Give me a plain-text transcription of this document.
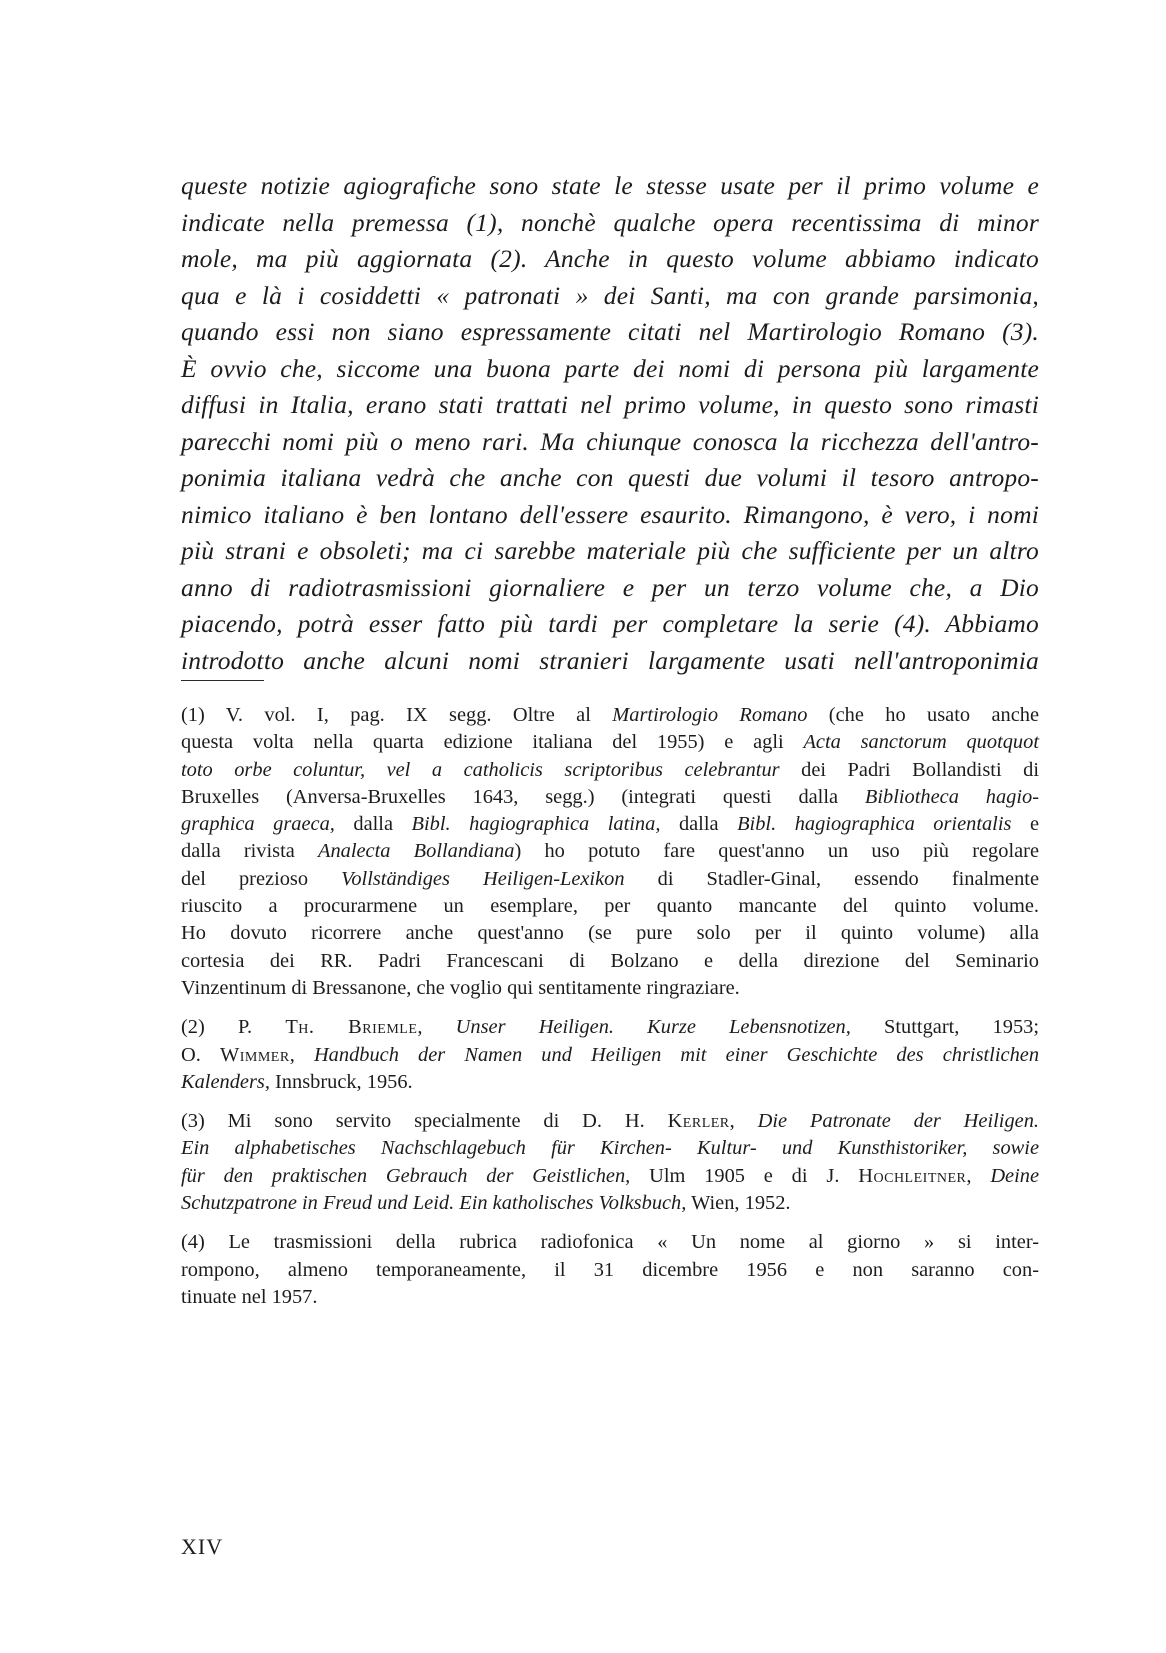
queste notizie agiografiche sono state le stesse usate per il primo volume e
indicate nella premessa (1), nonchè qualche opera recentissima di minor
mole, ma più aggiornata (2). Anche in questo volume abbiamo indicato
qua e là i cosiddetti « patronati » dei Santi, ma con grande parsimonia,
quando essi non siano espressamente citati nel Martirologio Romano (3).
È ovvio che, siccome una buona parte dei nomi di persona più largamente
diffusi in Italia, erano stati trattati nel primo volume, in questo sono rimasti
parecchi nomi più o meno rari. Ma chiunque conosca la ricchezza dell'antro-
ponimia italiana vedrà che anche con questi due volumi il tesoro antropo-
nimico italiano è ben lontano dell'essere esaurito. Rimangono, è vero, i nomi
più strani e obsoleti; ma ci sarebbe materiale più che sufficiente per un altro
anno di radiotrasmissioni giornaliere e per un terzo volume che, a Dio
piacendo, potrà esser fatto più tardi per completare la serie (4). Abbiamo
introdotto anche alcuni nomi stranieri largamente usati nell'antroponimia
(1) V. vol. I, pag. IX segg. Oltre al Martirologio Romano (che ho usato anche
questa volta nella quarta edizione italiana del 1955) e agli Acta sanctorum quotquot
toto orbe coluntur, vel a catholicis scriptoribus celebrantur dei Padri Bollandisti di
Bruxelles (Anversa-Bruxelles 1643, segg.) (integrati questi dalla Bibliotheca hagio-
graphica graeca, dalla Bibl. hagiographica latina, dalla Bibl. hagiographica orientalis e
dalla rivista Analecta Bollandiana) ho potuto fare quest'anno un uso più regolare
del prezioso Vollständiges Heiligen-Lexikon di Stadler-Ginal, essendo finalmente
riuscito a procurarmene un esemplare, per quanto mancante del quinto volume.
Ho dovuto ricorrere anche quest'anno (se pure solo per il quinto volume) alla
cortesia dei RR. Padri Francescani di Bolzano e della direzione del Seminario
Vinzentinum di Bressanone, che voglio qui sentitamente ringraziare.
(2) P. Th. Briemle, Unser Heiligen. Kurze Lebensnotizen, Stuttgart, 1953;
O. Wimmer, Handbuch der Namen und Heiligen mit einer Geschichte des christlichen
Kalenders, Innsbruck, 1956.
(3) Mi sono servito specialmente di D. H. Kerler, Die Patronate der Heiligen.
Ein alphabetisches Nachschlagebuch für Kirchen- Kultur- und Kunsthistoriker, sowie
für den praktischen Gebrauch der Geistlichen, Ulm 1905 e di J. Hochleitner, Deine
Schutzpatrone in Freud und Leid. Ein katholisches Volksbuch, Wien, 1952.
(4) Le trasmissioni della rubrica radiofonica « Un nome al giorno » si inter-
rompono, almeno temporaneamente, il 31 dicembre 1956 e non saranno con-
tinuate nel 1957.
XIV
